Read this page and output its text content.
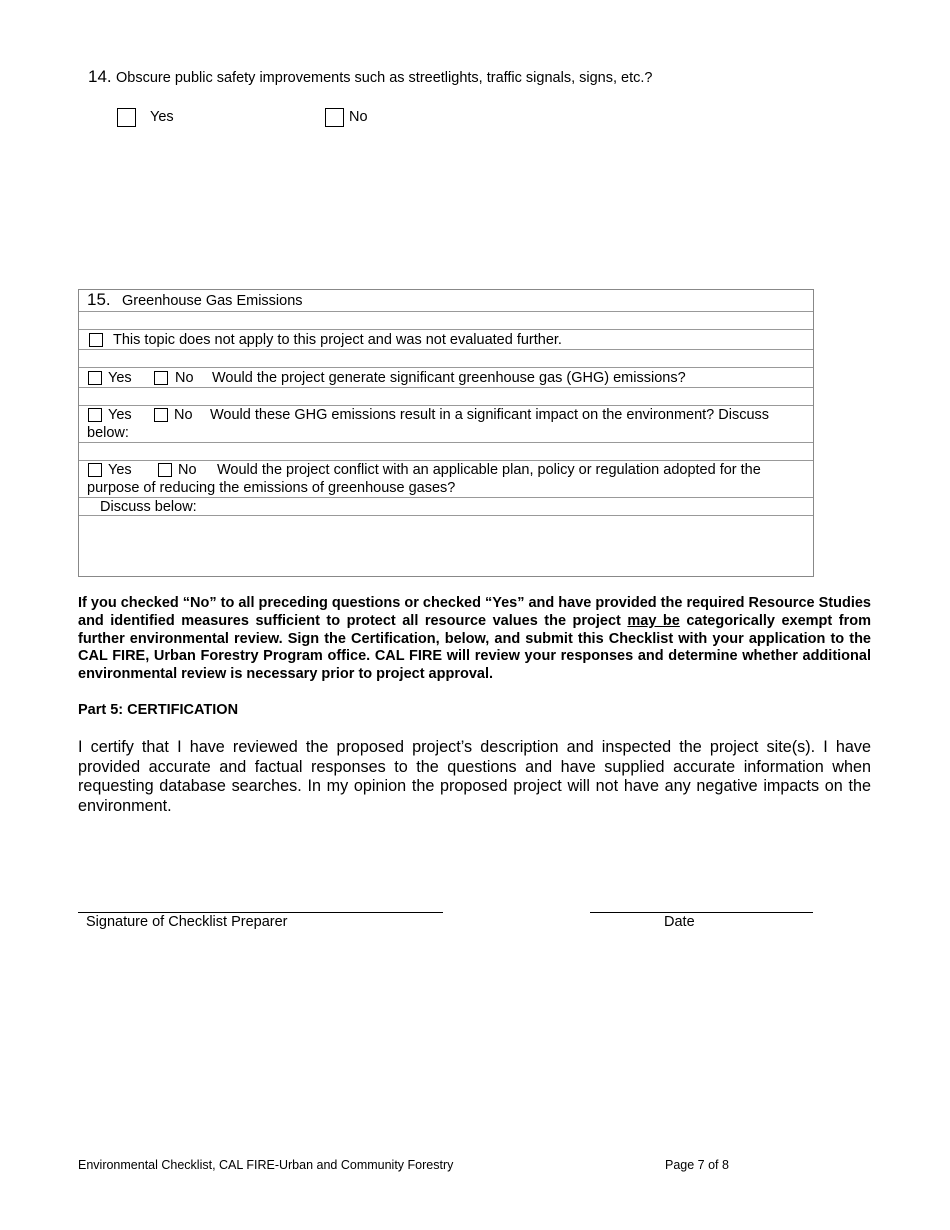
14. Obscure public safety improvements such as streetlights, traffic signals, signs, etc.?
Yes	No
15. Greenhouse Gas Emissions
This topic does not apply to this project and was not evaluated further.
Yes	No Would the project generate significant greenhouse gas (GHG) emissions?
Yes	No Would these GHG emissions result in a significant impact on the environment? Discuss
below:
Yes	No Would the project conflict with an applicable plan, policy or regulation adopted for the
purpose of reducing the emissions of greenhouse gases?
Discuss below:
If you checked “No” to all preceding questions or checked “Yes” and have provided the required Resource Studies and identified measures sufficient to protect all resource values the project may be categorically exempt from further environmental review. Sign the Certification, below, and submit this Checklist with your application to the CAL FIRE, Urban Forestry Program office. CAL FIRE will review your responses and determine whether additional environmental review is necessary prior to project approval.
Part 5: CERTIFICATION
I certify that I have reviewed the proposed project’s description and inspected the project site(s). I have provided accurate and factual responses to the questions and have supplied accurate information when requesting database searches. In my opinion the proposed project will not have any negative impacts on the environment.
Signature of Checklist Preparer	Date
Environmental Checklist, CAL FIRE-Urban and Community Forestry	Page 7 of 8
